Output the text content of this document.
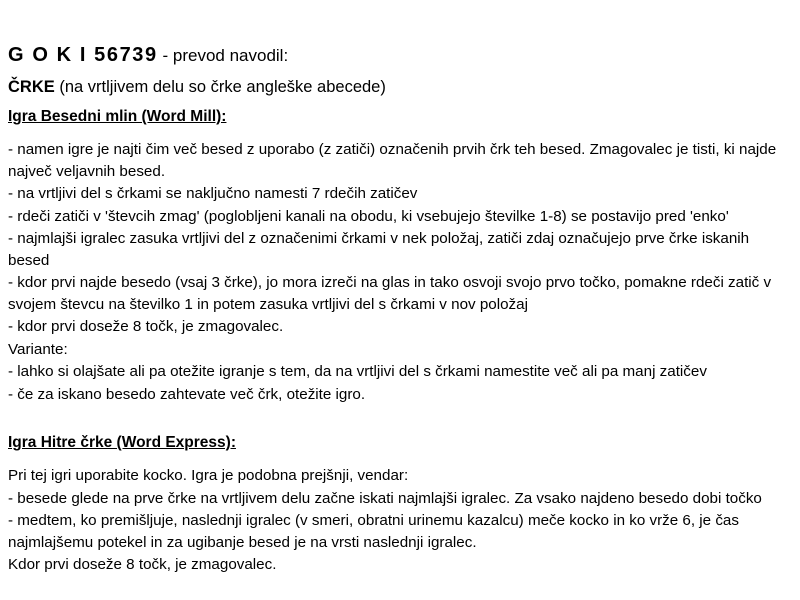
G O K I 56739 - prevod navodil:
ČRKE (na vrtljivem delu so črke angleške abecede)
Igra Besedni mlin (Word Mill):

- namen igre je najti čim več besed z uporabo (z zatiči) označenih prvih črk teh besed. Zmagovalec je tisti, ki najde največ veljavnih besed.

- na vrtljivi del s črkami se naključno namesti 7 rdečih zatičev

- rdeči zatiči v 'števcih zmag' (poglobljeni kanali na obodu, ki vsebujejo številke 1-8) se postavijo pred 'enko'

- najmlajši igralec zasuka vrtljivi del z označenimi črkami v nek položaj, zatiči zdaj označujejo prve črke iskanih besed

- kdor prvi najde besedo (vsaj 3 črke), jo mora izreči na glas in tako osvoji svojo prvo točko, pomakne rdeči zatič v svojem števcu na številko 1 in potem zasuka vrtljivi del s črkami v nov položaj

- kdor prvi doseže 8 točk, je zmagovalec.

Variante:

- lahko si olajšate ali pa otežite igranje s tem, da na vrtljivi del s črkami namestite več ali pa manj zatičev

- če za iskano besedo zahtevate več črk, otežite igro.

Igra Hitre črke (Word Express):

Pri tej igri uporabite kocko. Igra je podobna prejšnji, vendar:

- besede glede na prve črke na vrtljivem delu začne iskati najmlajši igralec. Za vsako najdeno besedo dobi točko

- medtem, ko premišljuje, naslednji igralec (v smeri, obratni urinemu kazalcu) meče kocko in ko vrže 6, je čas najmlajšemu potekel in za ugibanje besed je na vrsti naslednji igralec.

Kdor prvi doseže 8 točk, je zmagovalec.
